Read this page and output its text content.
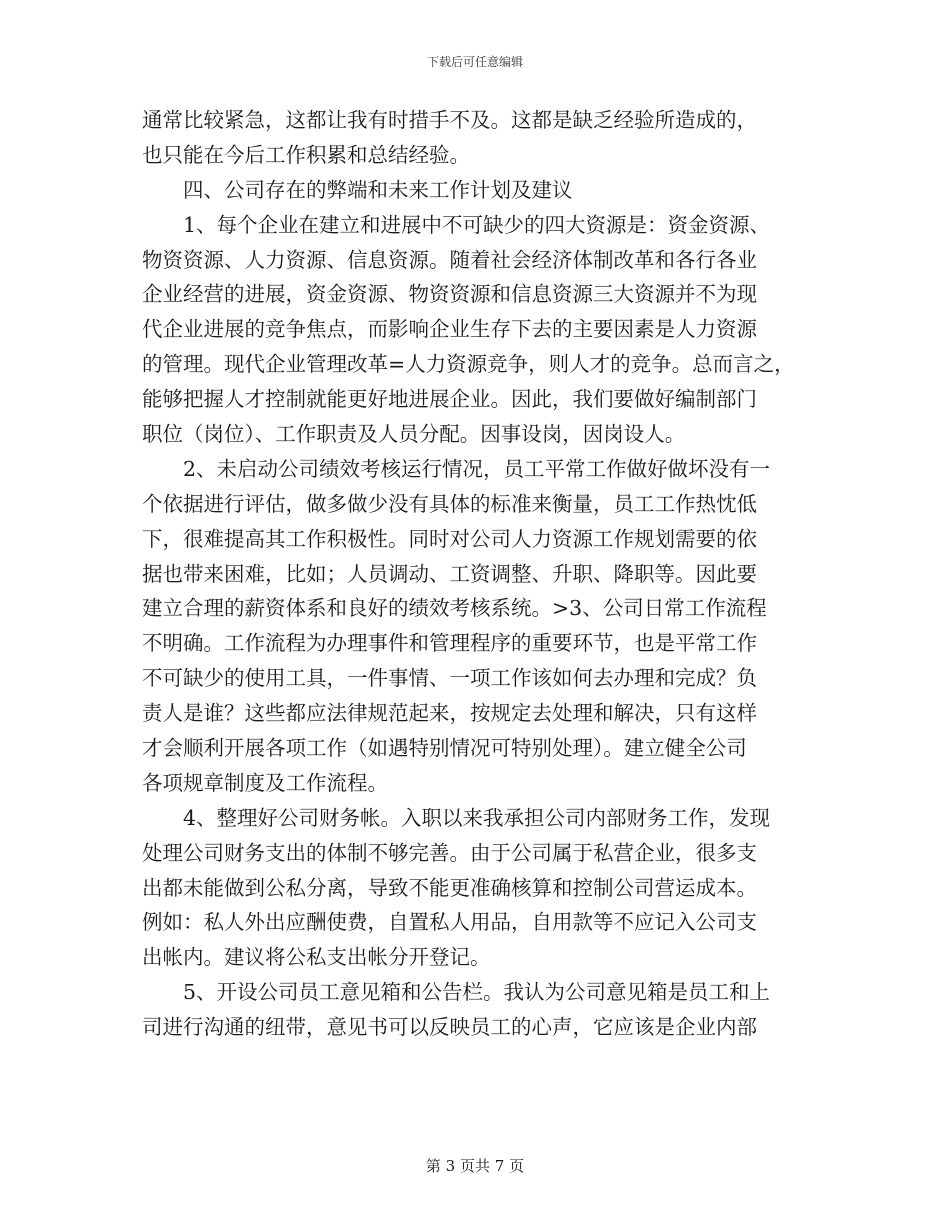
下载后可任意编辑
通常比较紧急，这都让我有时措手不及。这都是缺乏经验所造成的，
也只能在今后工作积累和总结经验。
四、公司存在的弊端和未来工作计划及建议
1、每个企业在建立和进展中不可缺少的四大资源是：资金资源、
物资资源、人力资源、信息资源。随着社会经济体制改革和各行各业
企业经营的进展，资金资源、物资资源和信息资源三大资源并不为现
代企业进展的竞争焦点，而影响企业生存下去的主要因素是人力资源
的管理。现代企业管理改革=人力资源竞争，则人才的竞争。总而言之，
能够把握人才控制就能更好地进展企业。因此，我们要做好编制部门
职位（岗位）、工作职责及人员分配。因事设岗，因岗设人。
2、未启动公司绩效考核运行情况，员工平常工作做好做坏没有一
个依据进行评估，做多做少没有具体的标准来衡量，员工工作热忱低
下，很难提高其工作积极性。同时对公司人力资源工作规划需要的依
据也带来困难，比如；人员调动、工资调整、升职、降职等。因此要
建立合理的薪资体系和良好的绩效考核系统。>3、公司日常工作流程
不明确。工作流程为办理事件和管理程序的重要环节，也是平常工作
不可缺少的使用工具，一件事情、一项工作该如何去办理和完成？负
责人是谁？这些都应法律规范起来，按规定去处理和解决，只有这样
才会顺利开展各项工作（如遇特别情况可特别处理）。建立健全公司
各项规章制度及工作流程。
4、整理好公司财务帐。入职以来我承担公司内部财务工作，发现
处理公司财务支出的体制不够完善。由于公司属于私营企业，很多支
出都未能做到公私分离，导致不能更准确核算和控制公司营运成本。
例如：私人外出应酬使费，自置私人用品，自用款等不应记入公司支
出帐内。建议将公私支出帐分开登记。
5、开设公司员工意见箱和公告栏。我认为公司意见箱是员工和上
司进行沟通的纽带，意见书可以反映员工的心声，它应该是企业内部
第 3 页共 7 页
